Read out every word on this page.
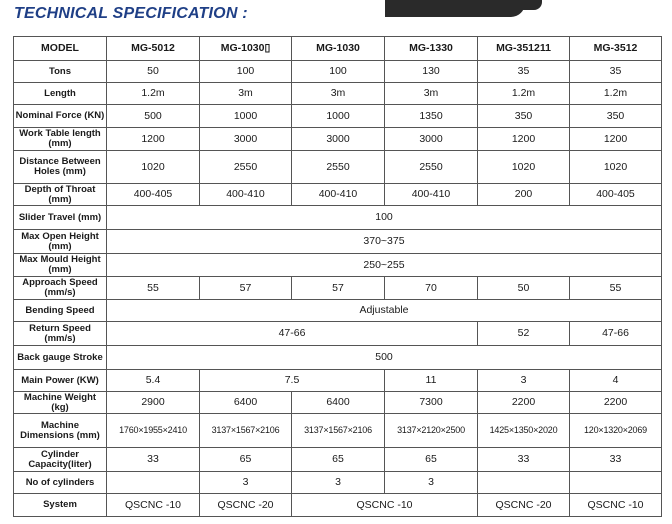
TECHNICAL SPECIFICATION :
MODEL	MG-5012	MG-1030▯	MG-1030	MG-1330	MG-351211	MG-3512
Tons	50	100	100	130	35	35
Length	1.2m	3m	3m	3m	1.2m	1.2m
Nominal Force (KN)	500	1000	1000	1350	350	350
Work Table length (mm)	1200	3000	3000	3000	1200	1200
Distance Between Holes (mm)	1020	2550	2550	2550	1020	1020
Depth of Throat (mm)	400-405	400-410	400-410	400-410	200	400-405
Slider Travel (mm)	100					
Max Open Height (mm)	370~375					
Max Mould Height (mm)	250~255					
Approach Speed (mm/s)	55	57	57	70	50	55
Bending Speed	Adjustable					
Return Speed (mm/s)	47-66				52	47-66
Back gauge Stroke	500					
Main Power (KW)	5.4	7.5		11	3	4
Machine Weight (kg)	2900	6400	6400	7300	2200	2200
Machine Dimensions (mm)	1760×1955×2410	3137×1567×2106	3137×1567×2106	3137×2120×2500	1425×1350×2020	120×1320×2069
Cylinder Capacity(liter)	33	65	65	65	33	33
No of cylinders		3	3	3		
System	QSCNC -10	QSCNC -20	QSCNC -10		QSCNC -20	QSCNC -10
